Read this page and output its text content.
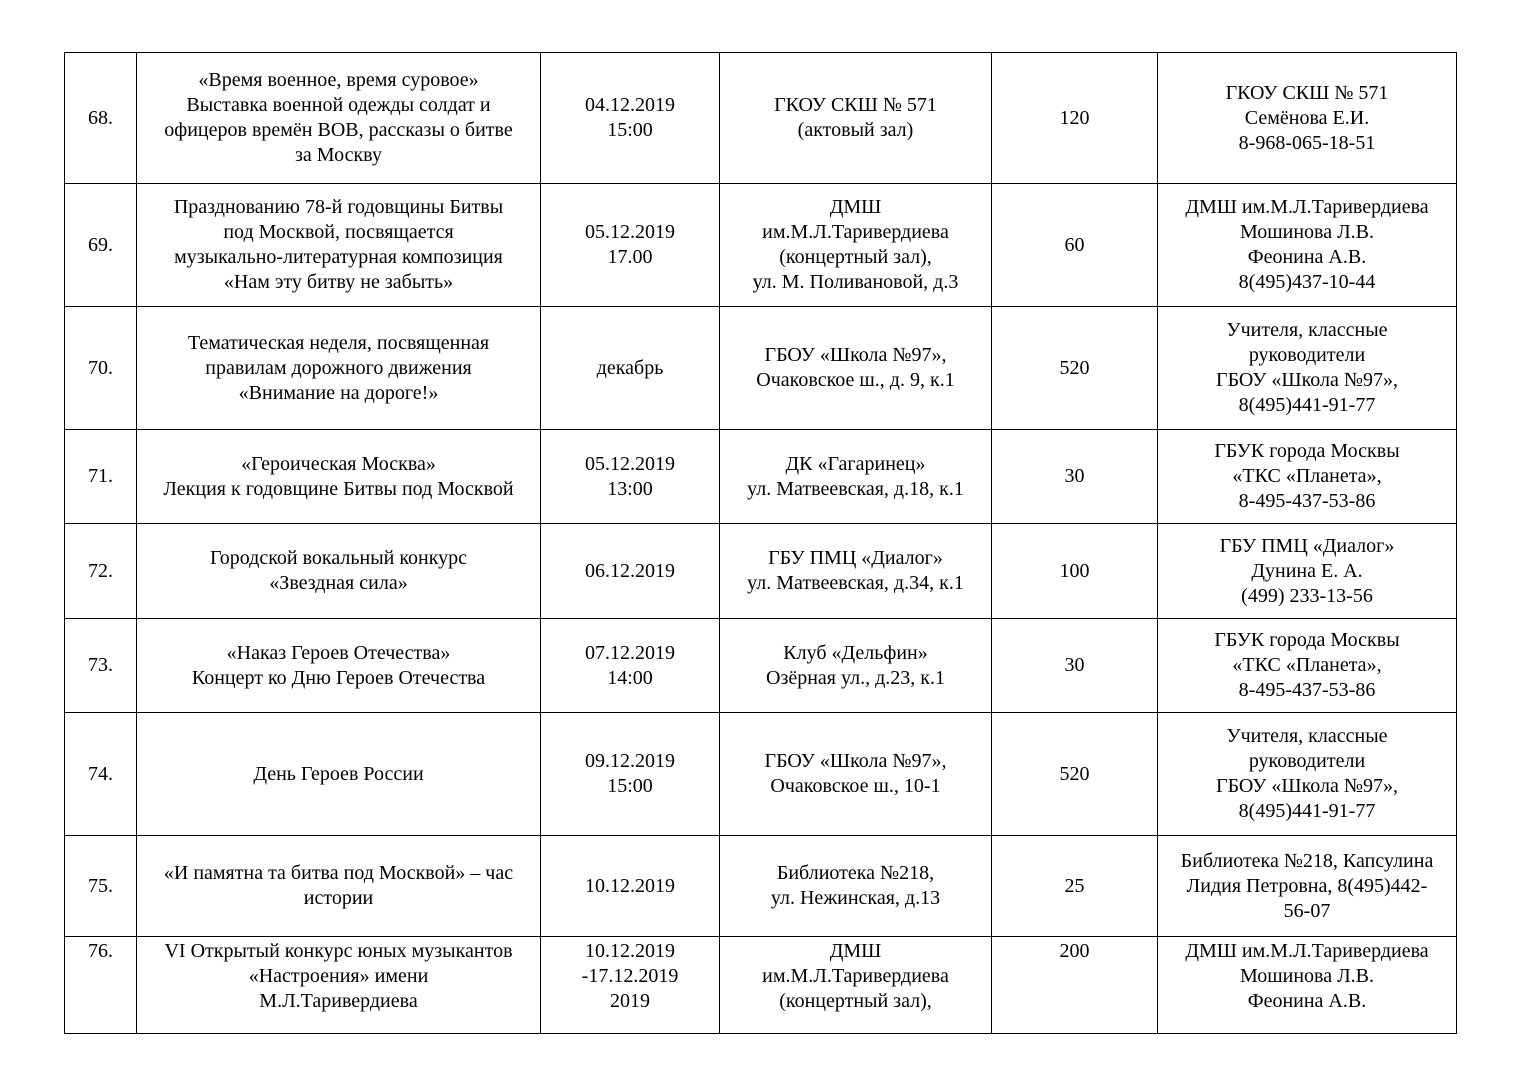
68.	«Время военное, время суровое»
Выставка военной одежды солдат и
офицеров времён ВОВ, рассказы о битве
за Москву	04.12.2019
15:00	ГКОУ СКШ № 571
(актовый зал)	120	ГКОУ СКШ № 571
Семёнова Е.И.
8-968-065-18-51

69.	Празднованию 78-й годовщины Битвы
под Москвой, посвящается
музыкально-литературная композиция
«Нам эту битву не забыть»	05.12.2019
17.00	ДМШ
им.М.Л.Таривердиева
(концертный зал),
ул. М. Поливановой, д.3	60	ДМШ им.М.Л.Таривердиева
Мошинова Л.В.
Феонина А.В.
8(495)437-10-44

70.	Тематическая неделя, посвященная
правилам дорожного движения
«Внимание на дороге!»	декабрь	ГБОУ «Школа №97»,
Очаковское ш., д. 9, к.1	520	Учителя, классные
руководители
ГБОУ «Школа №97»,
8(495)441-91-77

71.	«Героическая Москва»
Лекция к годовщине Битвы под Москвой	05.12.2019
13:00	ДК «Гагаринец»
ул. Матвеевская, д.18, к.1	30	ГБУК города Москвы
«ТКС «Планета»,
8-495-437-53-86

72.	Городской вокальный конкурс
«Звездная сила»	06.12.2019	ГБУ ПМЦ «Диалог»
ул. Матвеевская, д.34, к.1	100	ГБУ ПМЦ «Диалог»
Дунина Е. А.
(499) 233-13-56

73.	«Наказ Героев Отечества»
Концерт ко Дню Героев Отечества	07.12.2019
14:00	Клуб «Дельфин»
Озёрная ул., д.23, к.1	30	ГБУК города Москвы
«ТКС «Планета»,
8-495-437-53-86

74.	День Героев России	09.12.2019
15:00	ГБОУ «Школа №97»,
Очаковское ш., 10-1	520	Учителя, классные
руководители
ГБОУ «Школа №97»,
8(495)441-91-77

75.	«И памятна та битва под Москвой» – час
истории	10.12.2019	Библиотека №218,
ул. Нежинская, д.13	25	Библиотека №218, Капсулина
Лидия Петровна, 8(495)442-
56-07

76.	VI Открытый конкурс юных музыкантов
«Настроения» имени
М.Л.Таривердиева	10.12.2019
-17.12.2019
2019	ДМШ
им.М.Л.Таривердиева
(концертный зал),	200	ДМШ им.М.Л.Таривердиева
Мошинова Л.В.
Феонина А.В.
